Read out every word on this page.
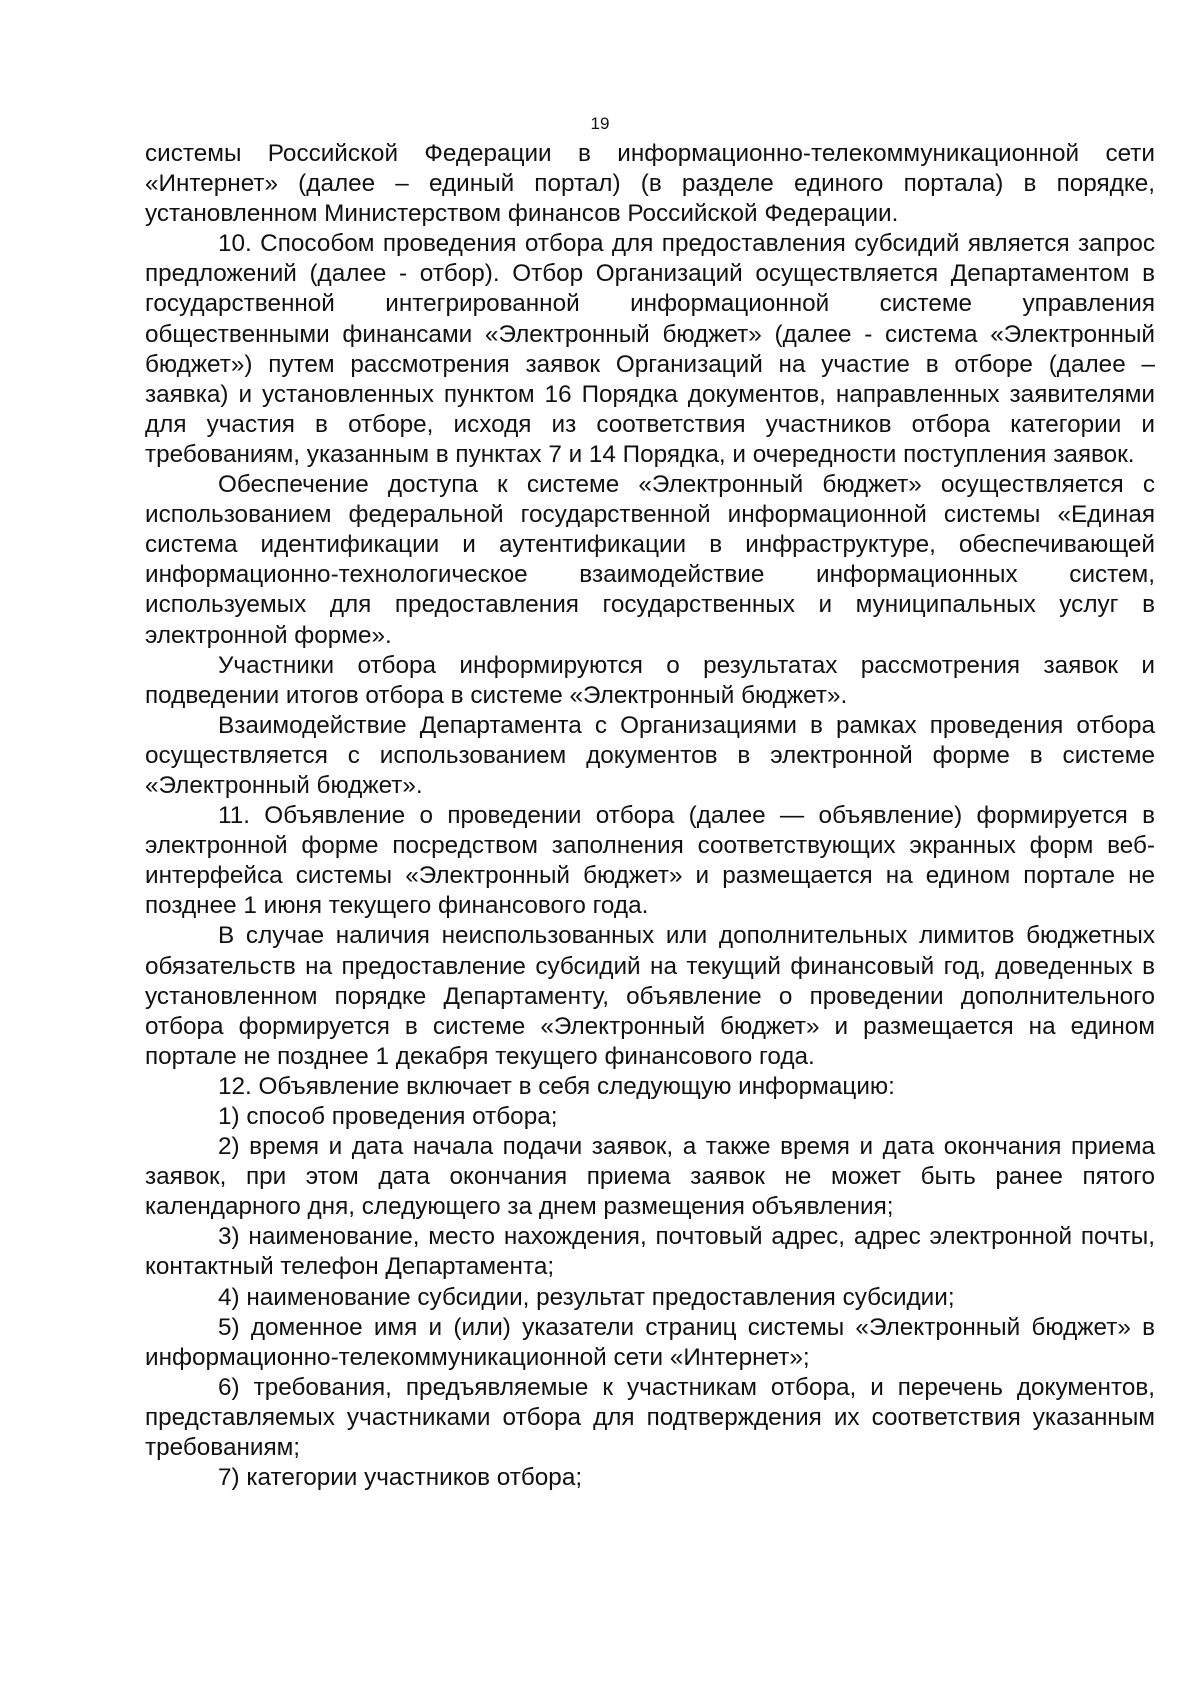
19

системы Российской Федерации в информационно-телекоммуникационной сети «Интернет» (далее – единый портал) (в разделе единого портала) в порядке, установленном Министерством финансов Российской Федерации.

10. Способом проведения отбора для предоставления субсидий является запрос предложений (далее - отбор). Отбор Организаций осуществляется Департаментом в государственной интегрированной информационной системе управления общественными финансами «Электронный бюджет» (далее - система «Электронный бюджет») путем рассмотрения заявок Организаций на участие в отборе (далее – заявка) и установленных пунктом 16 Порядка документов, направленных заявителями для участия в отборе, исходя из соответствия участников отбора категории и требованиям, указанным в пунктах 7 и 14 Порядка, и очередности поступления заявок.

Обеспечение доступа к системе «Электронный бюджет» осуществляется с использованием федеральной государственной информационной системы «Единая система идентификации и аутентификации в инфраструктуре, обеспечивающей информационно-технологическое взаимодействие информационных систем, используемых для предоставления государственных и муниципальных услуг в электронной форме».

Участники отбора информируются о результатах рассмотрения заявок и подведении итогов отбора в системе «Электронный бюджет».

Взаимодействие Департамента с Организациями в рамках проведения отбора осуществляется с использованием документов в электронной форме в системе «Электронный бюджет».

11. Объявление о проведении отбора (далее — объявление) формируется в электронной форме посредством заполнения соответствующих экранных форм веб-интерфейса системы «Электронный бюджет» и размещается на едином портале не позднее 1 июня текущего финансового года.

В случае наличия неиспользованных или дополнительных лимитов бюджетных обязательств на предоставление субсидий на текущий финансовый год, доведенных в установленном порядке Департаменту, объявление о проведении дополнительного отбора формируется в системе «Электронный бюджет» и размещается на едином портале не позднее 1 декабря текущего финансового года.

12. Объявление включает в себя следующую информацию:

1) способ проведения отбора;

2) время и дата начала подачи заявок, а также время и дата окончания приема заявок, при этом дата окончания приема заявок не может быть ранее пятого календарного дня, следующего за днем размещения объявления;

3) наименование, место нахождения, почтовый адрес, адрес электронной почты, контактный телефон Департамента;

4) наименование субсидии, результат предоставления субсидии;

5) доменное имя и (или) указатели страниц системы «Электронный бюджет» в информационно-телекоммуникационной сети «Интернет»;

6) требования, предъявляемые к участникам отбора, и перечень документов, представляемых участниками отбора для подтверждения их соответствия указанным требованиям;

7) категории участников отбора;
